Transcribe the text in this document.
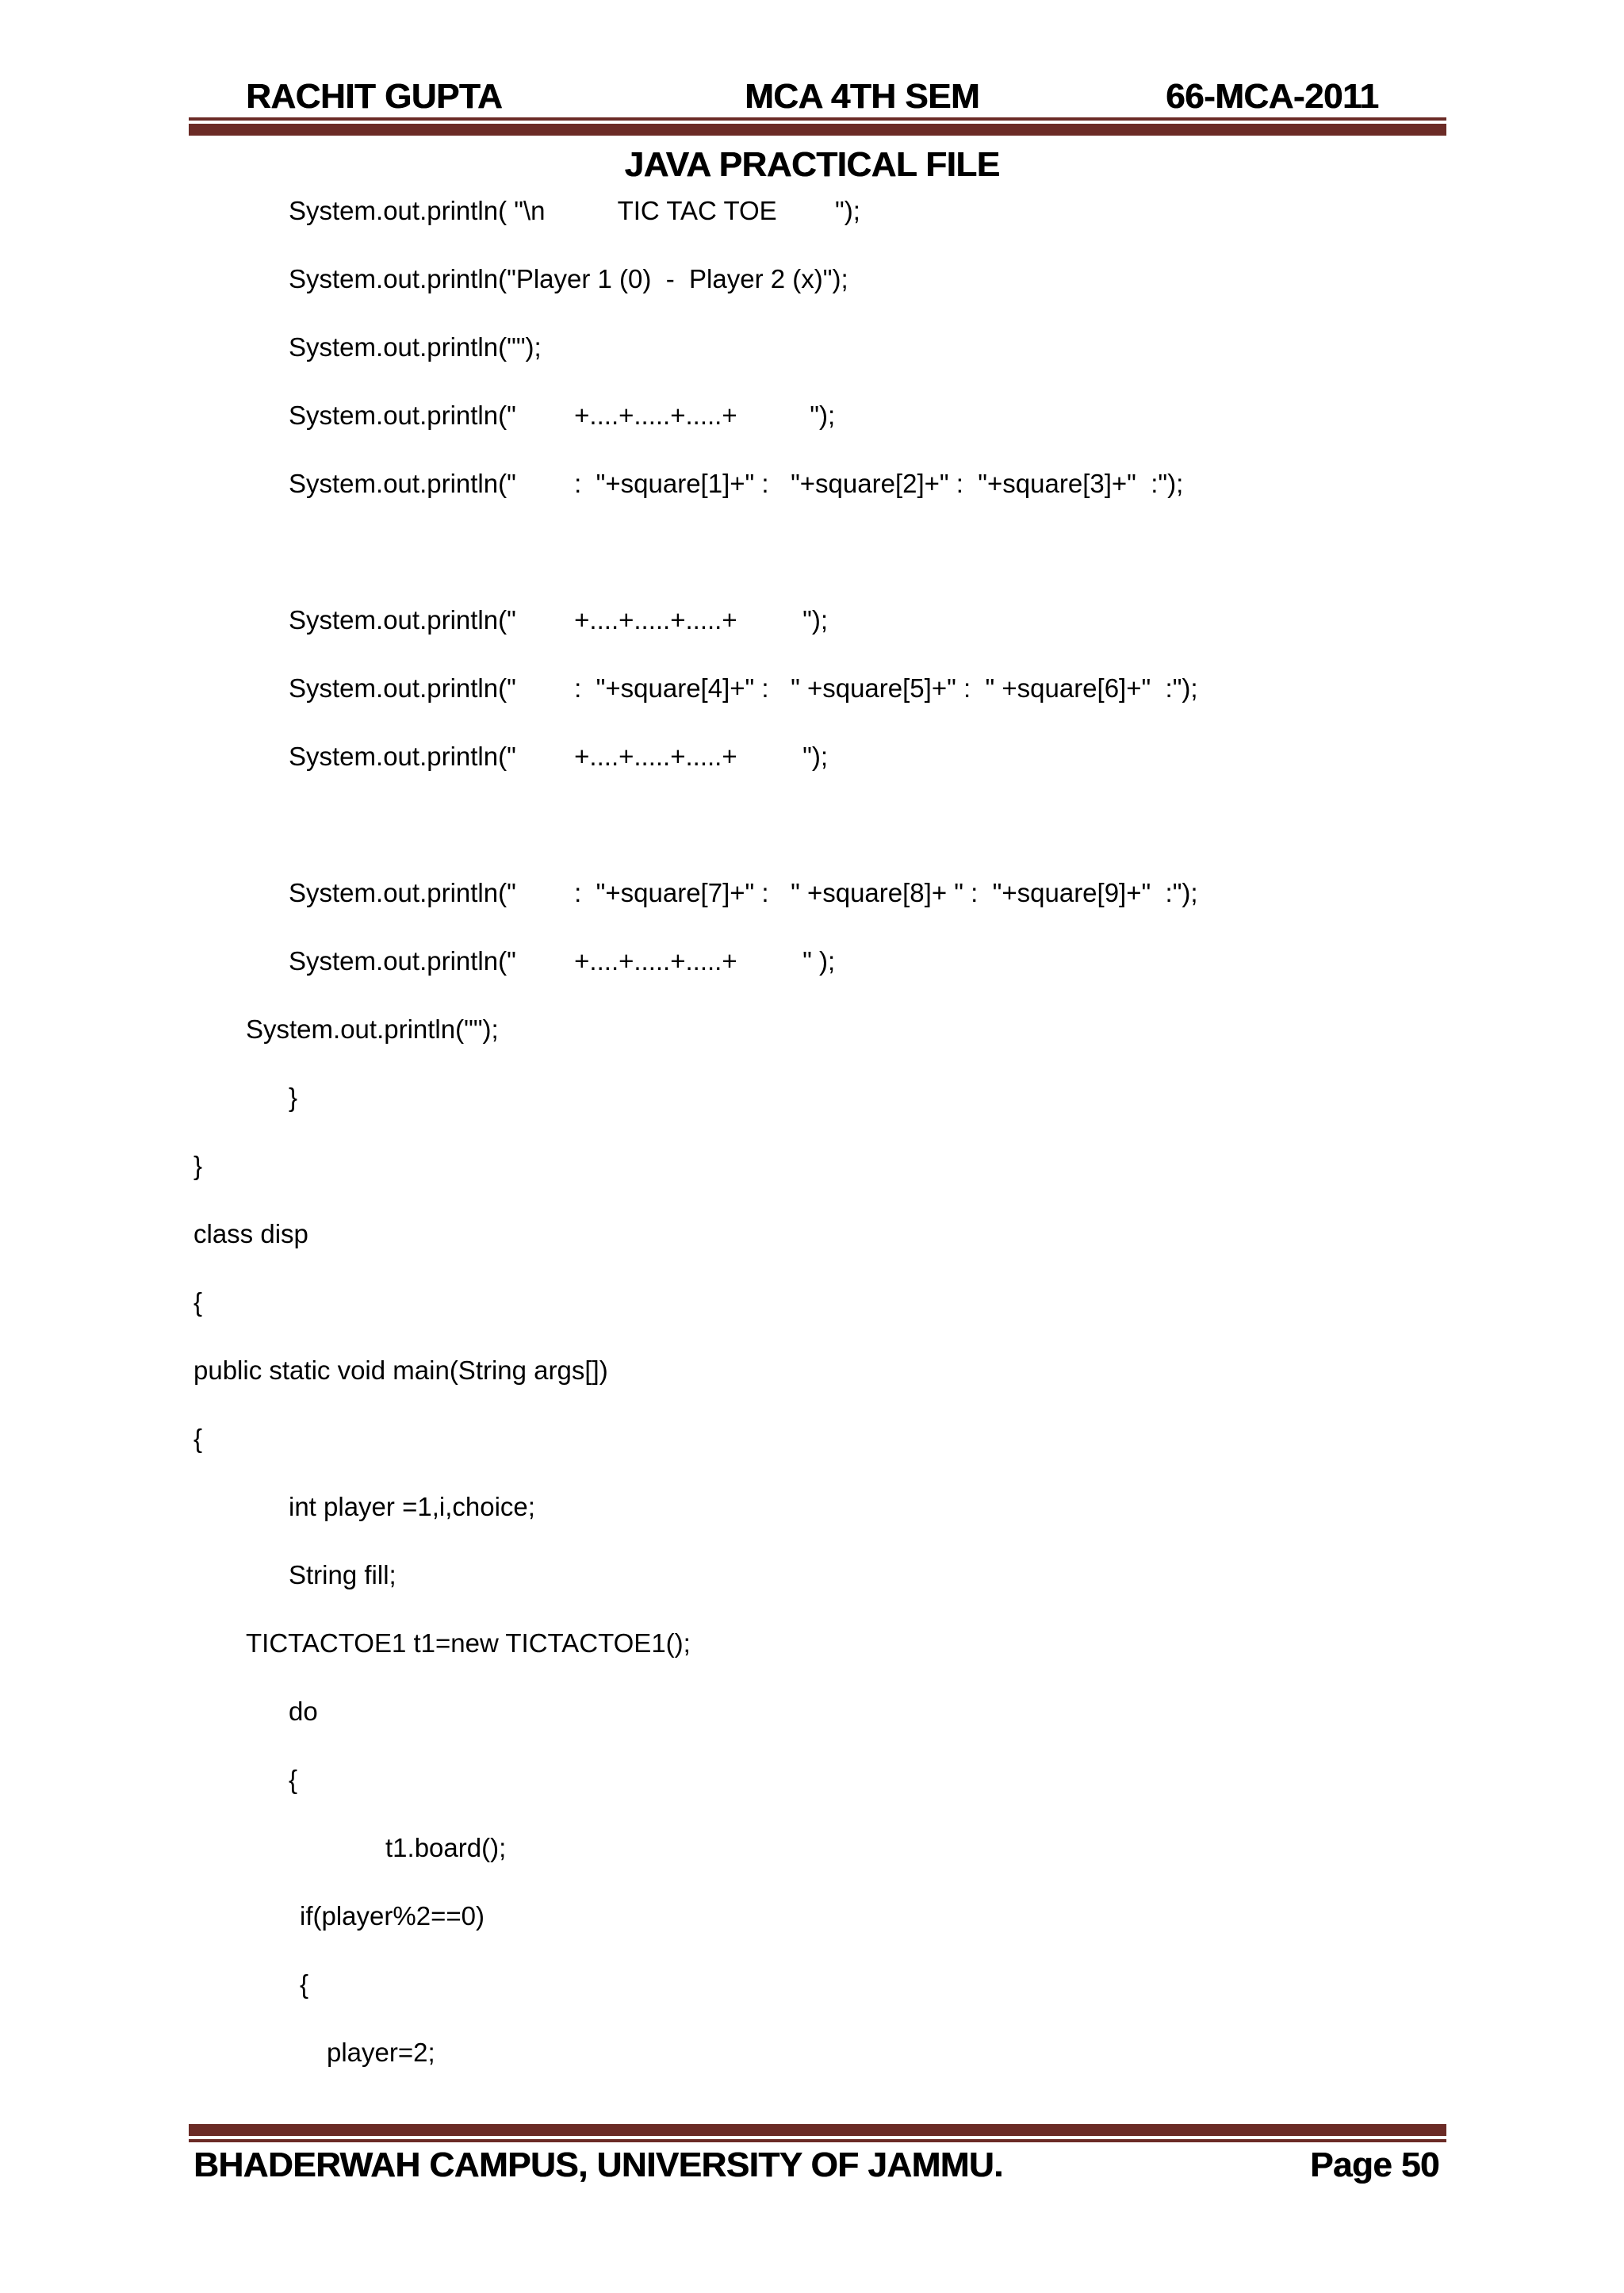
RACHIT GUPTA	MCA 4TH SEM	66-MCA-2011
JAVA PRACTICAL FILE
System.out.println( "\n          TIC TAC TOE        ");
System.out.println("Player 1 (0)  -  Player 2 (x)");
System.out.println("");
System.out.println("        +....+.....+.....+          ");
System.out.println("        :  "+square[1]+" :   "+square[2]+" :  "+square[3]+"  :");
System.out.println("        +....+.....+.....+         ");
System.out.println("        :  "+square[4]+" :   " +square[5]+" :  " +square[6]+"  :");
System.out.println("        +....+.....+.....+         ");
System.out.println("        :  "+square[7]+" :   " +square[8]+ " :  "+square[9]+"  :");
System.out.println("        +....+.....+.....+         " );
System.out.println("");
}
}
class disp
{
public static void main(String args[])
{
int player =1,i,choice;
String fill;
TICTACTOE1 t1=new TICTACTOE1();
do
{
t1.board();
if(player%2==0)
{
player=2;
BHADERWAH CAMPUS, UNIVERSITY OF JAMMU.	Page 50
